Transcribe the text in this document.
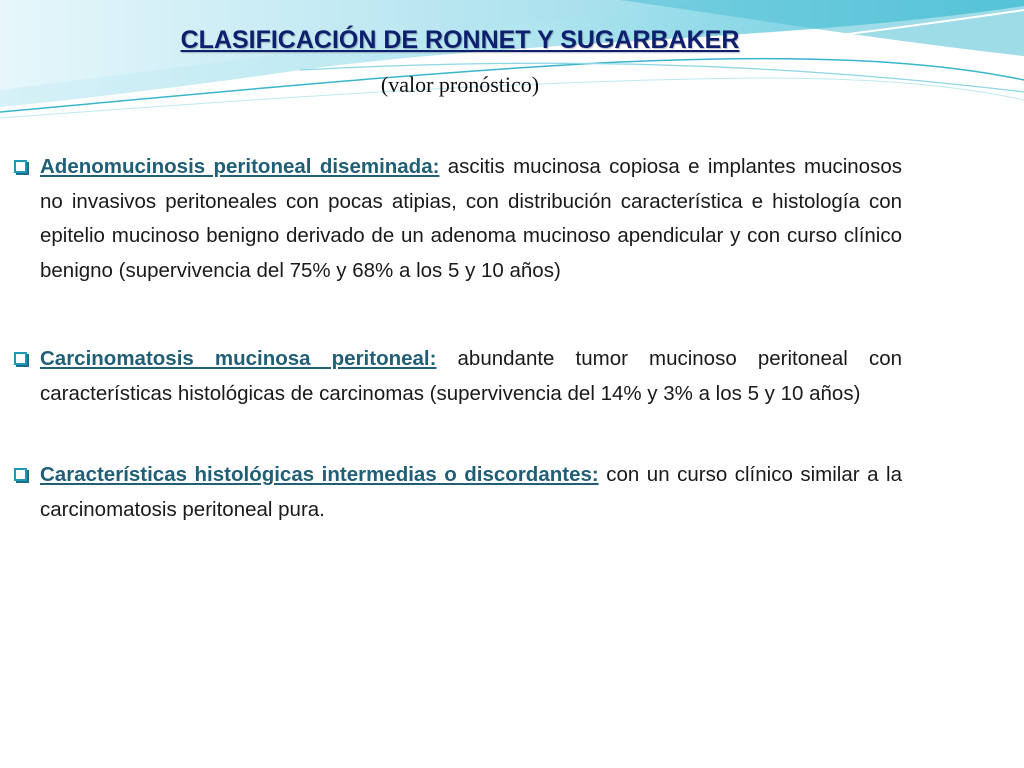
CLASIFICACIÓN DE RONNET Y SUGARBAKER
(valor pronóstico)
Adenomucinosis peritoneal diseminada: ascitis mucinosa copiosa e implantes mucinosos no invasivos peritoneales con pocas atipias, con distribución característica e histología con epitelio mucinoso benigno derivado de un adenoma mucinoso apendicular y con curso clínico benigno (supervivencia del 75% y 68% a los 5 y 10 años)
Carcinomatosis mucinosa peritoneal: abundante tumor mucinoso peritoneal con características histológicas de carcinomas (supervivencia del 14% y 3% a los 5 y 10 años)
Características histológicas intermedias o discordantes: con un curso clínico similar a la carcinomatosis peritoneal pura.
